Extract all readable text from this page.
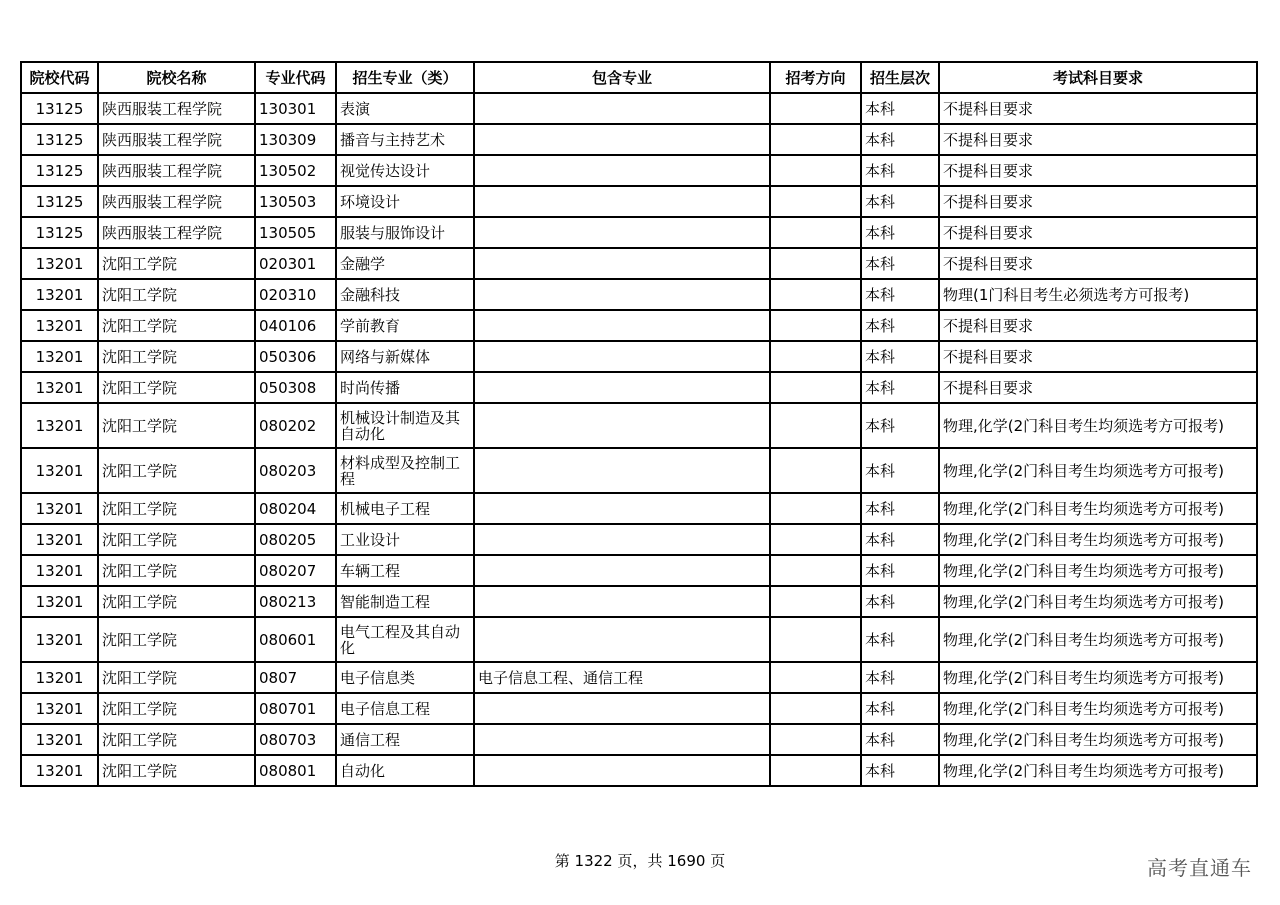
院校代码	院校名称	专业代码	招生专业（类）	包含专业	招考方向	招生层次	考试科目要求
13125	陕西服装工程学院	130301	表演			本科	不提科目要求
13125	陕西服装工程学院	130309	播音与主持艺术			本科	不提科目要求
13125	陕西服装工程学院	130502	视觉传达设计			本科	不提科目要求
13125	陕西服装工程学院	130503	环境设计			本科	不提科目要求
13125	陕西服装工程学院	130505	服装与服饰设计			本科	不提科目要求
13201	沈阳工学院	020301	金融学			本科	不提科目要求
13201	沈阳工学院	020310	金融科技			本科	物理(1门科目考生必须选考方可报考)
13201	沈阳工学院	040106	学前教育			本科	不提科目要求
13201	沈阳工学院	050306	网络与新媒体			本科	不提科目要求
13201	沈阳工学院	050308	时尚传播			本科	不提科目要求
13201	沈阳工学院	080202	机械设计制造及其自动化			本科	物理,化学(2门科目考生均须选考方可报考)
13201	沈阳工学院	080203	材料成型及控制工程			本科	物理,化学(2门科目考生均须选考方可报考)
13201	沈阳工学院	080204	机械电子工程			本科	物理,化学(2门科目考生均须选考方可报考)
13201	沈阳工学院	080205	工业设计			本科	物理,化学(2门科目考生均须选考方可报考)
13201	沈阳工学院	080207	车辆工程			本科	物理,化学(2门科目考生均须选考方可报考)
13201	沈阳工学院	080213	智能制造工程			本科	物理,化学(2门科目考生均须选考方可报考)
13201	沈阳工学院	080601	电气工程及其自动化			本科	物理,化学(2门科目考生均须选考方可报考)
13201	沈阳工学院	0807	电子信息类	电子信息工程、通信工程		本科	物理,化学(2门科目考生均须选考方可报考)
13201	沈阳工学院	080701	电子信息工程			本科	物理,化学(2门科目考生均须选考方可报考)
13201	沈阳工学院	080703	通信工程			本科	物理,化学(2门科目考生均须选考方可报考)
13201	沈阳工学院	080801	自动化			本科	物理,化学(2门科目考生均须选考方可报考)
第 1322 页，共 1690 页	高考直通车
